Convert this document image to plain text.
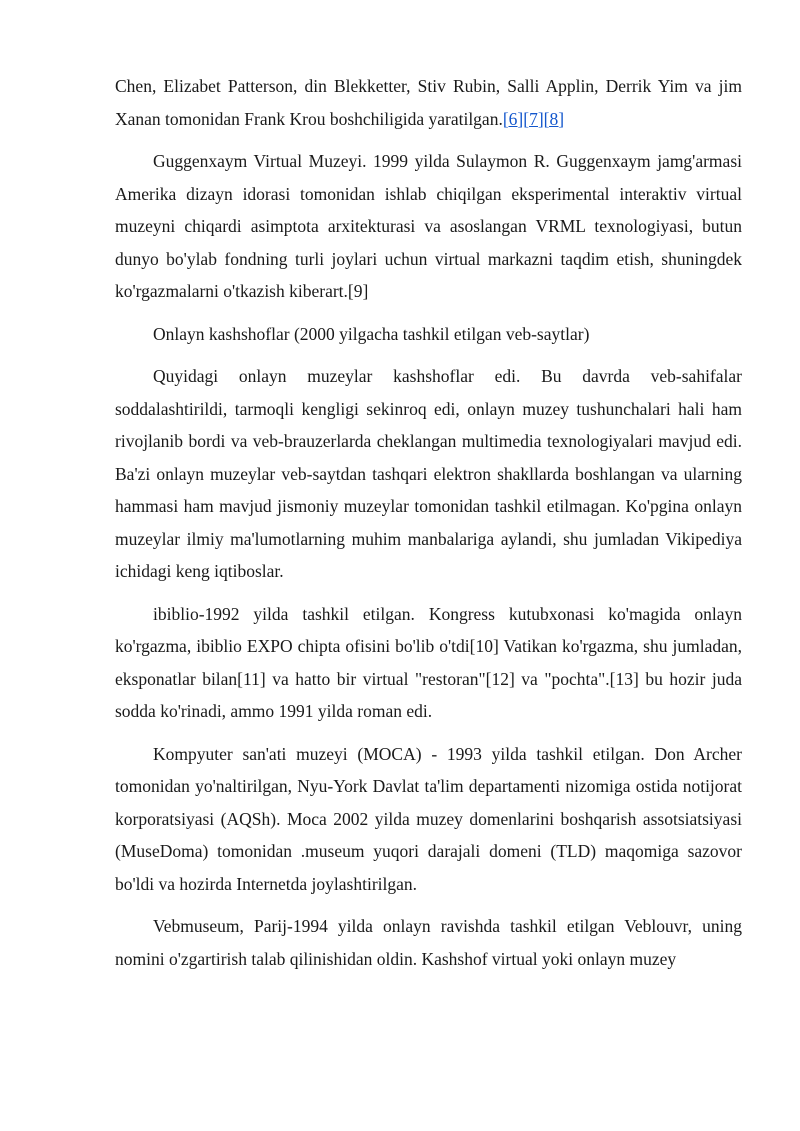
Chen, Elizabet Patterson, din Blekketter, Stiv Rubin, Salli Applin, Derrik Yim va jim Xanan tomonidan Frank Krou boshchiligida yaratilgan.[6][7][8]

Guggenxaym Virtual Muzeyi. 1999 yilda Sulaymon R. Guggenxaym jamg'armasi Amerika dizayn idorasi tomonidan ishlab chiqilgan eksperimental interaktiv virtual muzeyni chiqardi asimptota arxitekturasi va asoslangan VRML texnologiyasi, butun dunyo bo'ylab fondning turli joylari uchun virtual markazni taqdim etish, shuningdek ko'rgazmalarni o'tkazish kiberart.[9]

Onlayn kashshoflar (2000 yilgacha tashkil etilgan veb-saytlar)

Quyidagi onlayn muzeylar kashshoflar edi. Bu davrda veb-sahifalar soddalashtirildi, tarmoqli kengligi sekinroq edi, onlayn muzey tushunchalari hali ham rivojlanib bordi va veb-brauzerlarda cheklangan multimedia texnologiyalari mavjud edi. Ba'zi onlayn muzeylar veb-saytdan tashqari elektron shakllarda boshlangan va ularning hammasi ham mavjud jismoniy muzeylar tomonidan tashkil etilmagan. Ko'pgina onlayn muzeylar ilmiy ma'lumotlarning muhim manbalariga aylandi, shu jumladan Vikipediya ichidagi keng iqtiboslar.

ibiblio-1992 yilda tashkil etilgan. Kongress kutubxonasi ko'magida onlayn ko'rgazma, ibiblio EXPO chipta ofisini bo'lib o'tdi[10] Vatikan ko'rgazma, shu jumladan, eksponatlar bilan[11] va hatto bir virtual "restoran"[12] va "pochta".[13] bu hozir juda sodda ko'rinadi, ammo 1991 yilda roman edi.

Kompyuter san'ati muzeyi (MOCA) - 1993 yilda tashkil etilgan. Don Archer tomonidan yo'naltirilgan, Nyu-York Davlat ta'lim departamenti nizomiga ostida notijorat korporatsiyasi (AQSh). Moca 2002 yilda muzey domenlarini boshqarish assotsiatsiyasi (MuseDoma) tomonidan .museum yuqori darajali domeni (TLD) maqomiga sazovor bo'ldi va hozirda Internetda joylashtirilgan.

Vebmuseum, Parij-1994 yilda onlayn ravishda tashkil etilgan Veblouvr, uning nomini o'zgartirish talab qilinishidan oldin. Kashshof virtual yoki onlayn muzey
